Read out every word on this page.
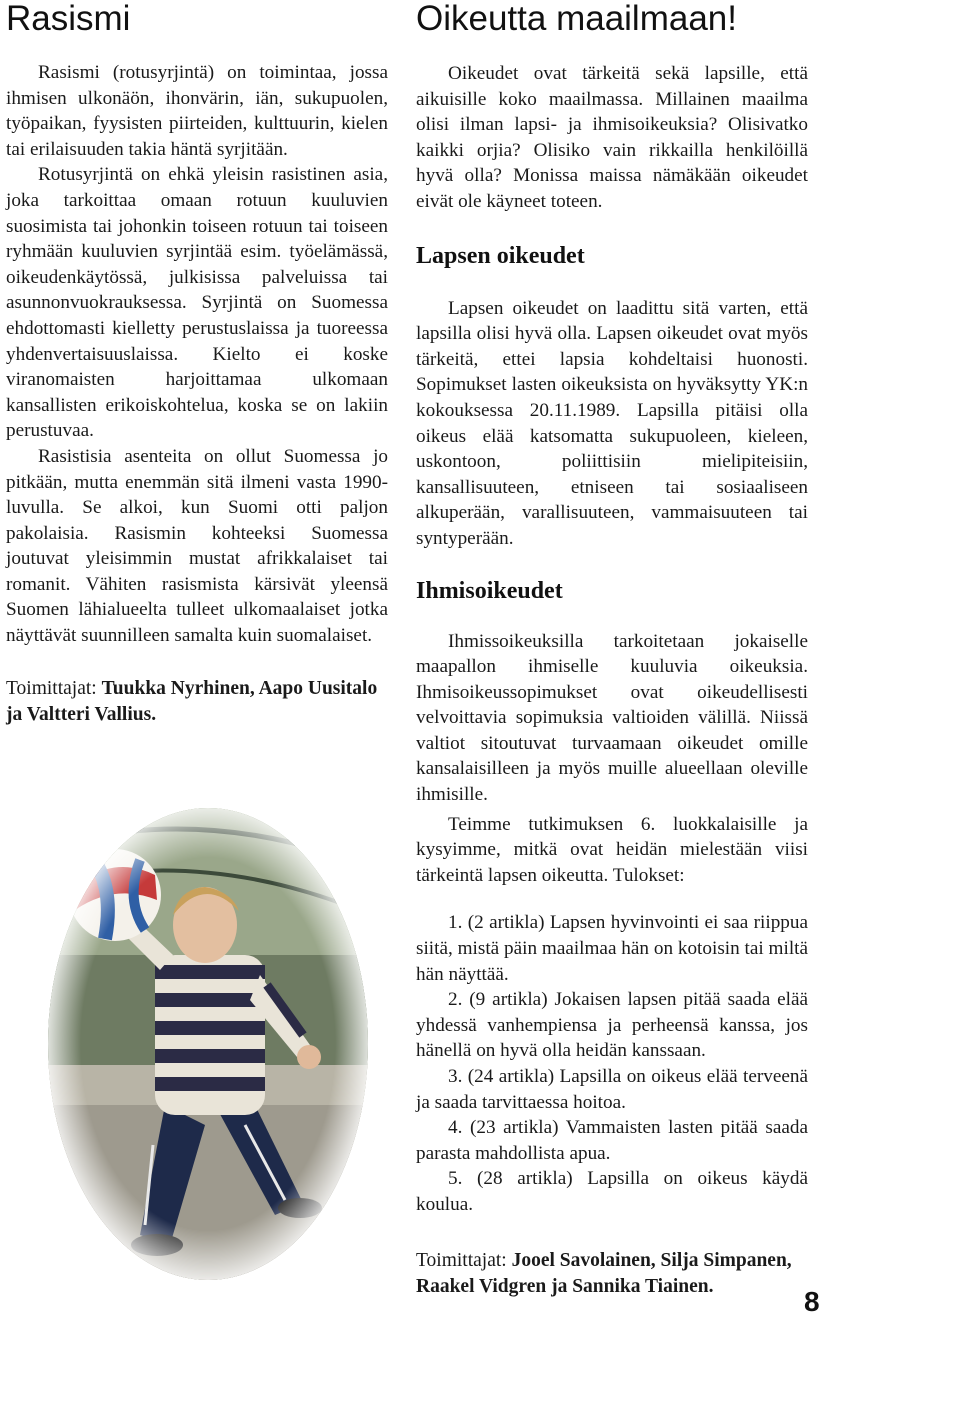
Rasismi

Rasismi (rotusyrjintä) on toimintaa, jossa ihmisen ulkonäön, ihonvärin, iän, sukupuolen, työpaikan, fyysisten piirteiden, kulttuurin, kielen tai erilaisuuden takia häntä syrjitään.

Rotusyrjintä on ehkä yleisin rasistinen asia, joka tarkoittaa omaan rotuun kuuluvien suosimista tai johonkin toiseen rotuun tai toiseen ryhmään kuuluvien syrjintää esim. työelämässä, oikeudenkäytössä, julkisissa palveluissa tai asunnonvuokrauksessa. Syrjintä on Suomessa ehdottomasti kielletty perustuslaissa ja tuoreessa yhdenvertaisuuslaissa. Kielto ei koske viranomaisten harjoittamaa ulkomaan kansallisten erikoiskohtelua, koska se on lakiin perustuvaa.

Rasistisia asenteita on ollut Suomessa jo pitkään, mutta enemmän sitä ilmeni vasta 1990-luvulla. Se alkoi, kun Suomi otti paljon pakolaisia. Rasismin kohteeksi Suomessa joutuvat yleisimmin mustat afrikkalaiset tai romanit. Vähiten rasismista kärsivät yleensä Suomen lähialueelta tulleet ulkomaalaiset jotka näyttävät suunnilleen samalta kuin suomalaiset.

Toimittajat: Tuukka Nyrhinen, Aapo Uusitalo ja Valtteri Vallius.
Oikeutta maailmaan!

Oikeudet ovat tärkeitä sekä lapsille, että aikuisille koko maailmassa. Millainen maailma olisi ilman lapsi- ja ihmisoikeuksia? Olisivatko kaikki orjia? Olisiko vain rikkailla henkilöillä hyvä olla? Monissa maissa nämäkään oikeudet eivät ole käyneet toteen.

Lapsen oikeudet

Lapsen oikeudet on laadittu sitä varten, että lapsilla olisi hyvä olla. Lapsen oikeudet ovat myös tärkeitä, ettei lapsia kohdeltaisi huonosti. Sopimukset lasten oikeuksista on hyväksytty YK:n kokouksessa 20.11.1989. Lapsilla pitäisi olla oikeus elää katsomatta sukupuoleen, kieleen, uskontoon, poliittisiin mielipiteisiin, kansallisuuteen, etniseen tai sosiaaliseen alkuperään, varallisuuteen, vammaisuuteen tai syntyperään.

Ihmisoikeudet

Ihmissoikeuksilla tarkoitetaan jokaiselle maapallon ihmiselle kuuluvia oikeuksia. Ihmisoikeussopimukset ovat oikeudellisesti velvoittavia sopimuksia valtioiden välillä. Niissä valtiot sitoutuvat turvaamaan oikeudet omille kansalaisilleen ja myös muille alueellaan oleville ihmisille.

Teimme tutkimuksen 6. luokkalaisille ja kysyimme, mitkä ovat heidän mielestään viisi tärkeintä lapsen oikeutta. Tulokset:

1. (2 artikla) Lapsen hyvinvointi ei saa riippua siitä, mistä päin maailmaa hän on kotoisin tai miltä hän näyttää.

2. (9 artikla) Jokaisen lapsen pitää saada elää yhdessä vanhempiensa ja perheensä kanssa, jos hänellä on hyvä olla heidän kanssaan.

3. (24 artikla) Lapsilla on oikeus elää terveenä ja saada tarvittaessa hoitoa.

4. (23 artikla) Vammaisten lasten pitää saada parasta mahdollista apua.

5. (28 artikla) Lapsilla on oikeus käydä koulua.

Toimittajat: Jooel Savolainen, Silja Simpanen, Raakel Vidgren ja Sannika Tiainen.	8
